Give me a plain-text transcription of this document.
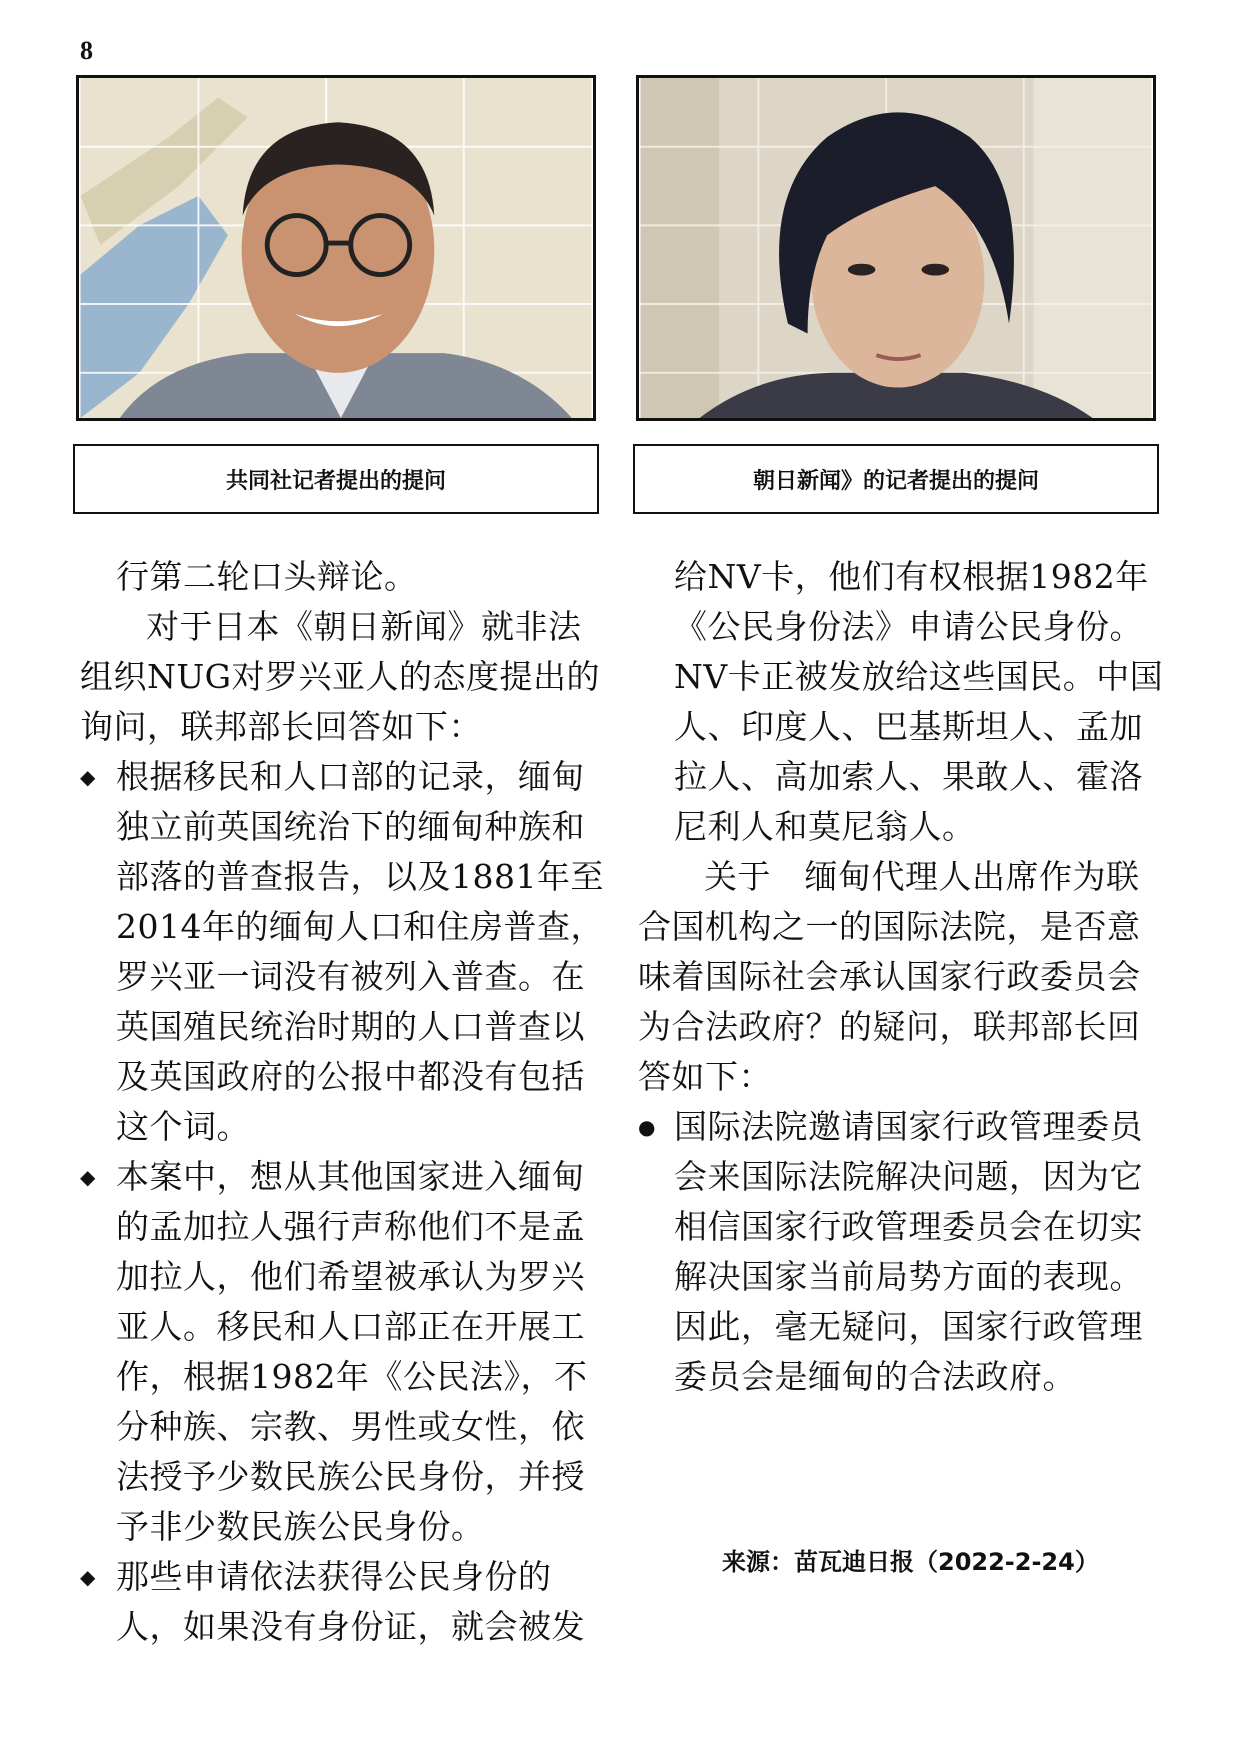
8
共同社记者提出的提问	朝日新闻》的记者提出的提问

行第二轮口头辩论。

对于日本《朝日新闻》就非法组织NUG对罗兴亚人的态度提出的询问，联邦部长回答如下：

◆ 根据移民和人口部的记录，缅甸独立前英国统治下的缅甸种族和部落的普查报告，以及1881年至2014年的缅甸人口和住房普查，罗兴亚一词没有被列入普查。在英国殖民统治时期的人口普查以及英国政府的公报中都没有包括这个词。

◆ 本案中，想从其他国家进入缅甸的孟加拉人强行声称他们不是孟加拉人，他们希望被承认为罗兴亚人。移民和人口部正在开展工作，根据1982年《公民法》，不分种族、宗教、男性或女性，依法授予少数民族公民身份，并授予非少数民族公民身份。

◆ 那些申请依法获得公民身份的人，如果没有身份证，就会被发

给NV卡，他们有权根据1982年《公民身份法》申请公民身份。NV卡正被发放给这些国民。中国人、印度人、巴基斯坦人、孟加拉人、高加索人、果敢人、霍洛尼利人和莫尼翁人。

关于　缅甸代理人出席作为联合国机构之一的国际法院，是否意味着国际社会承认国家行政委员会为合法政府？的疑问，联邦部长回答如下：

● 国际法院邀请国家行政管理委员会来国际法院解决问题，因为它相信国家行政管理委员会在切实解决国家当前局势方面的表现。因此，毫无疑问，国家行政管理委员会是缅甸的合法政府。

来源：苗瓦迪日报（2022-2-24）
